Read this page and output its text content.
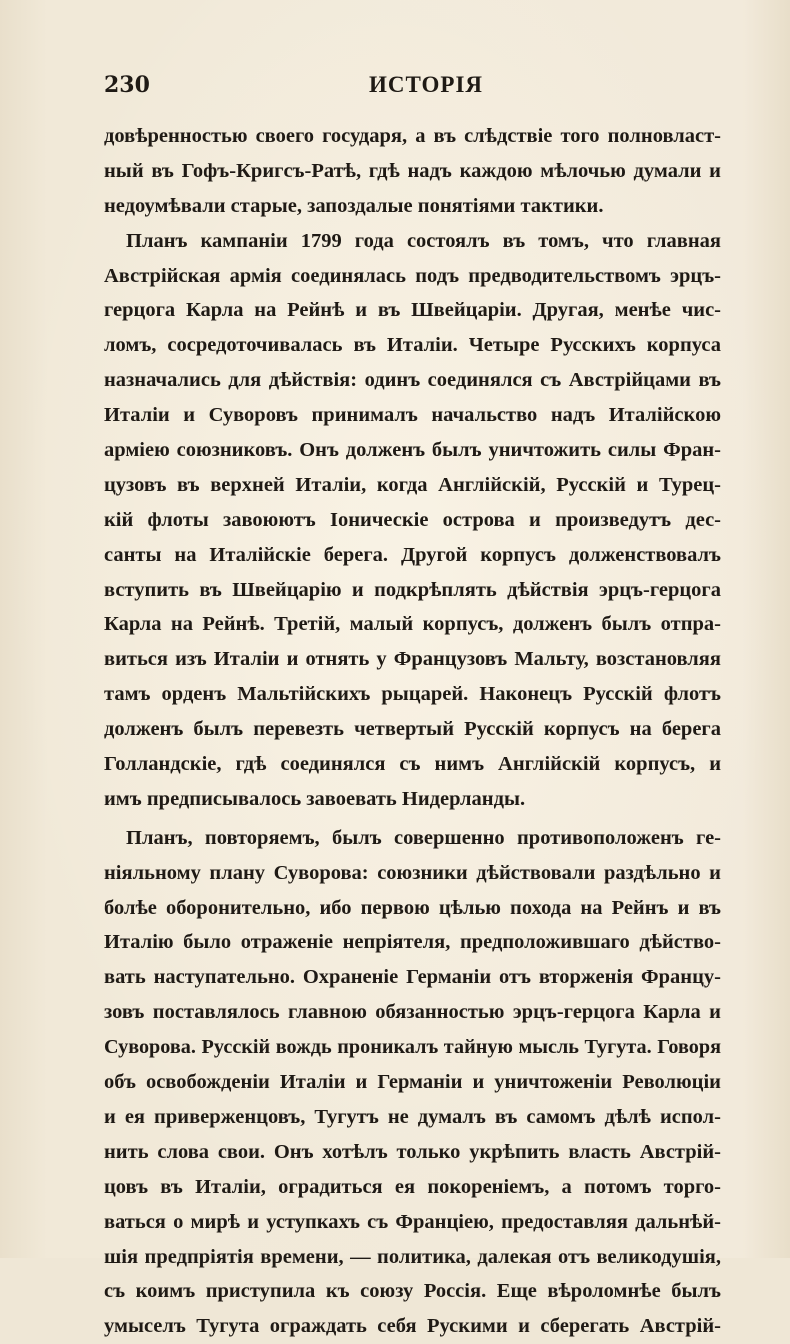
230	ИСТОРІЯ
довѣренностью своего государя, а въ слѣдствіе того полновласт-
ный въ Гофъ-Кригсъ-Ратѣ, гдѣ надъ каждою мѣлочью думали и
недоумѣвали старые, запоздалые понятіями тактики.
Планъ кампаніи 1799 года состоялъ въ томъ, что главная
Австрійская армія соединялась подъ предводительствомъ эрцъ-
герцога Карла на Рейнѣ и въ Швейцаріи. Другая, менѣе чис-
ломъ, сосредоточивалась въ Италіи. Четыре Русскихъ корпуса
назначались для дѣйствія: одинъ соединялся съ Австрійцами въ
Италіи и Суворовъ принималъ начальство надъ Италійскою
арміею союзниковъ. Онъ долженъ былъ уничтожить силы Фран-
цузовъ въ верхней Италіи, когда Англійскій, Русскій и Турец-
кій флоты завоюютъ Іоническіе острова и произведутъ дес-
санты на Италійскіе берега. Другой корпусъ долженствовалъ
вступить въ Швейцарію и подкрѣплять дѣйствія эрцъ-герцога
Карла на Рейнѣ. Третій, малый корпусъ, долженъ былъ отпра-
виться изъ Италіи и отнять у Французовъ Мальту, возстановляя
тамъ орденъ Мальтійскихъ рыцарей. Наконецъ Русскій флотъ
долженъ былъ перевезть четвертый Русскій корпусъ на берега
Голландскіе, гдѣ соединялся съ нимъ Англійскій корпусъ, и
имъ предписывалось завоевать Нидерланды.
Планъ, повторяемъ, былъ совершенно противоположенъ ге-
ніяльному плану Суворова: союзники дѣйствовали раздѣльно и
болѣе оборонительно, ибо первою цѣлью похода на Рейнъ и въ
Италію было отраженіе непріятеля, предположившаго дѣйство-
вать наступательно. Охраненіе Германіи отъ вторженія Францу-
зовъ поставлялось главною обязанностью эрцъ-герцога Карла и
Суворова. Русскій вождь проникалъ тайную мысль Тугута. Говоря
объ освобожденіи Италіи и Германіи и уничтоженіи Революціи
и ея приверженцовъ, Тугутъ не думалъ въ самомъ дѣлѣ испол-
нить слова свои. Онъ хотѣлъ только укрѣпить власть Австрій-
цовъ въ Италіи, оградиться ея покореніемъ, а потомъ торго-
ваться о мирѣ и уступкахъ съ Франціею, предоставляя дальнѣй-
шія предпріятія времени, — политика, далекая отъ великодушія,
съ коимъ приступила къ союзу Россія. Еще вѣроломнѣе былъ
умыселъ Тугута ограждать себя Рускими и сберегать Австрій-
